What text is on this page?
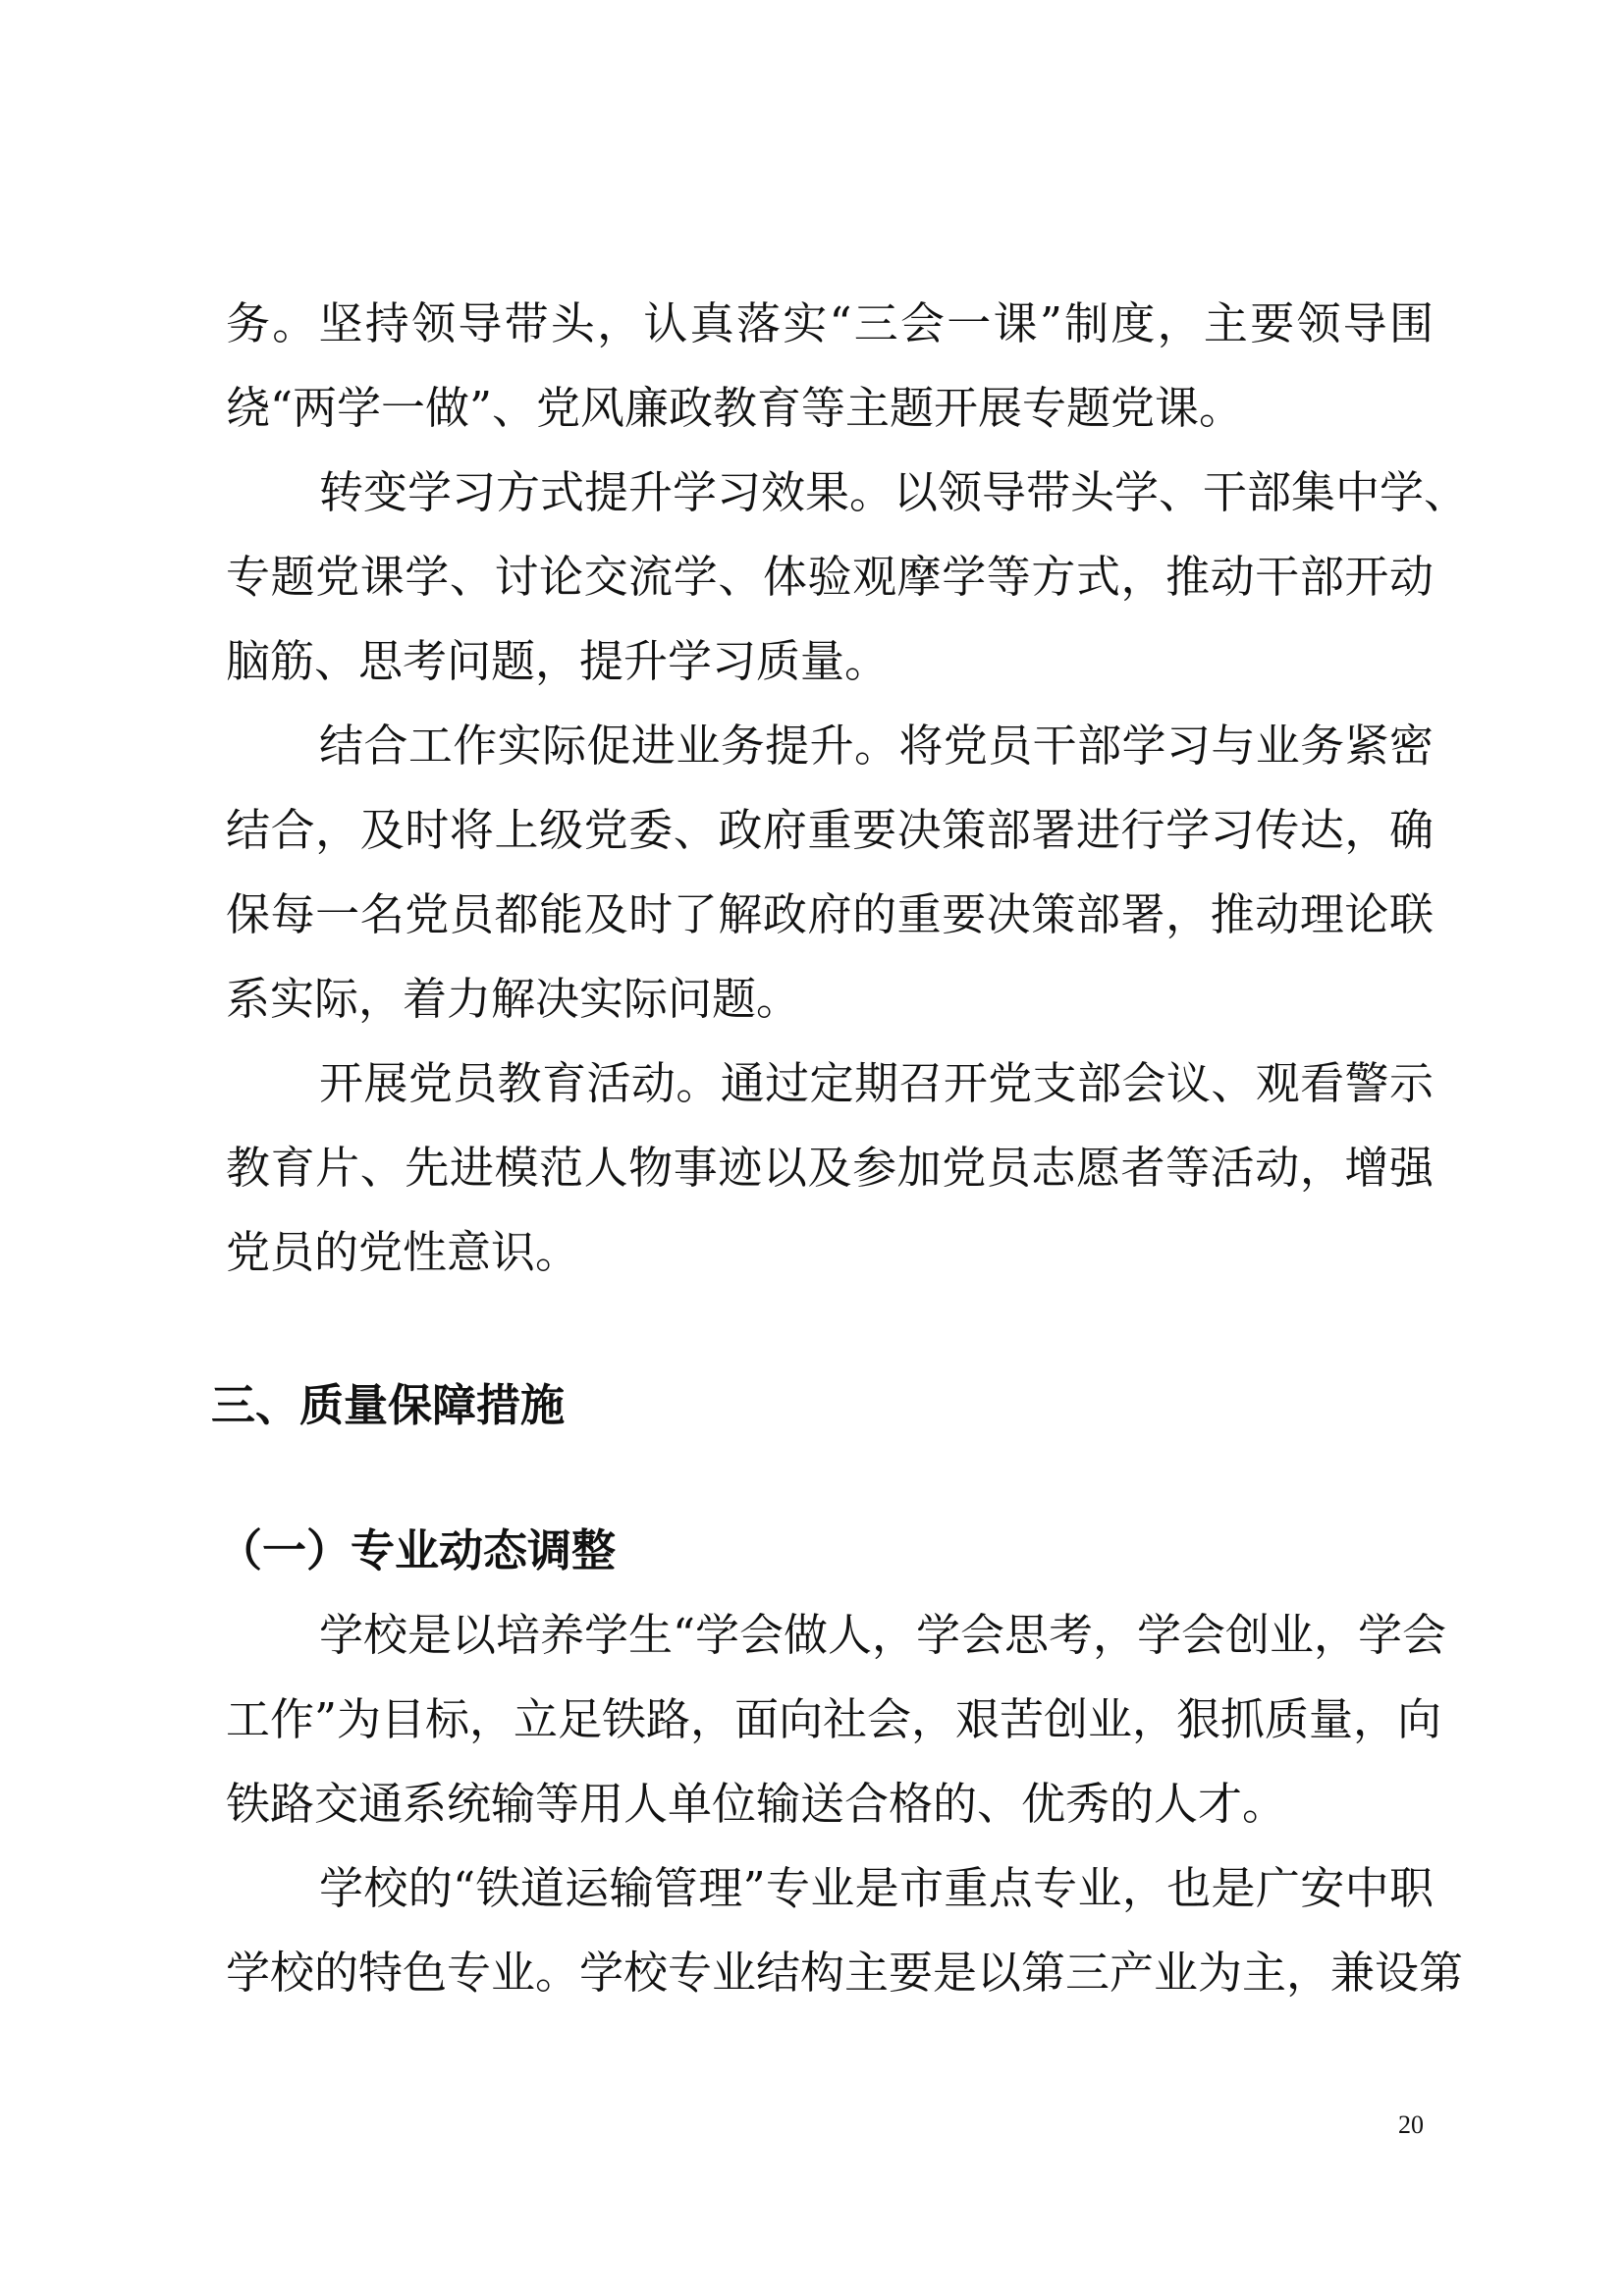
务。坚持领导带头，认真落实“三会一课”制度，主要领导围
绕“两学一做”、党风廉政教育等主题开展专题党课。
转变学习方式提升学习效果。以领导带头学、干部集中学、
专题党课学、讨论交流学、体验观摩学等方式，推动干部开动
脑筋、思考问题，提升学习质量。
结合工作实际促进业务提升。将党员干部学习与业务紧密
结合，及时将上级党委、政府重要决策部署进行学习传达，确
保每一名党员都能及时了解政府的重要决策部署，推动理论联
系实际，着力解决实际问题。
开展党员教育活动。通过定期召开党支部会议、观看警示
教育片、先进模范人物事迹以及参加党员志愿者等活动，增强
党员的党性意识。
三、质量保障措施
（一）专业动态调整
学校是以培养学生“学会做人，学会思考，学会创业，学会
工作”为目标，立足铁路，面向社会，艰苦创业，狠抓质量，向
铁路交通系统输等用人单位输送合格的、优秀的人才。
学校的“铁道运输管理”专业是市重点专业，也是广安中职
学校的特色专业。学校专业结构主要是以第三产业为主，兼设第
20
